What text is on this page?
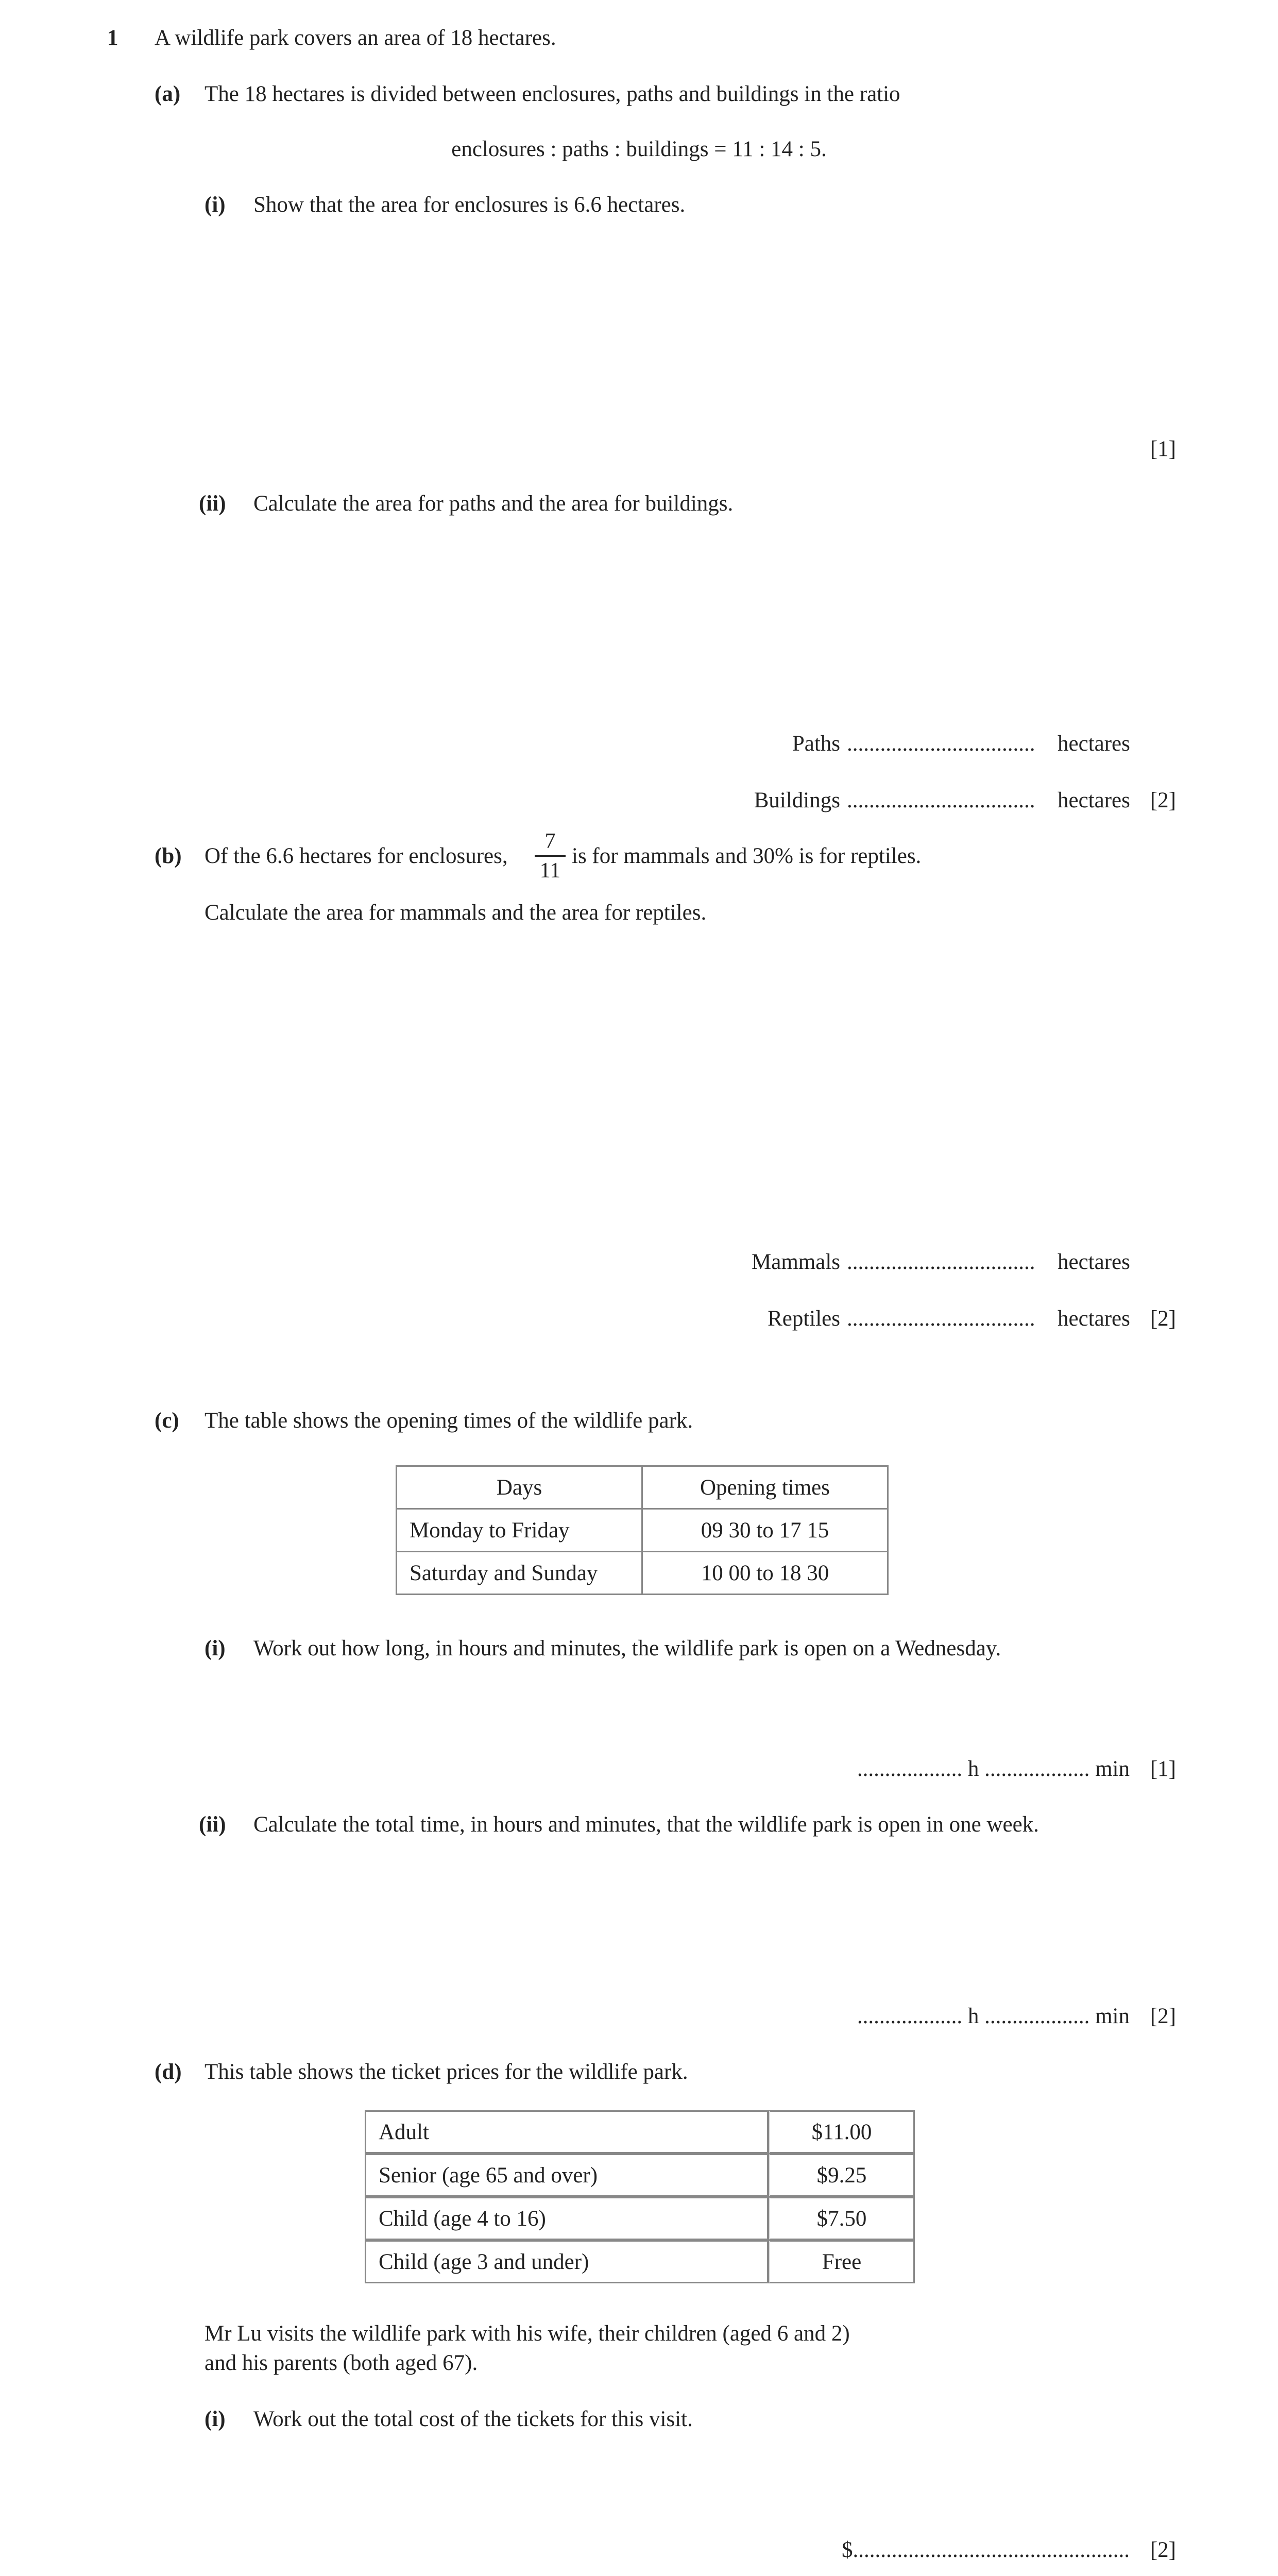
1 A wildlife park covers an area of 18 hectares.
(a) The 18 hectares is divided between enclosures, paths and buildings in the ratio
enclosures : paths : buildings = 11 : 14 : 5.
(i) Show that the area for enclosures is 6.6 hectares.
[1]
(ii) Calculate the area for paths and the area for buildings.
Paths .................................. hectares
Buildings .................................. hectares [2]
(b) Of the 6.6 hectares for enclosures,
7
11
is for mammals and 30% is for reptiles.
Calculate the area for mammals and the area for reptiles.
Mammals .................................. hectares
Reptiles .................................. hectares [2]
(c) The table shows the opening times of the wildlife park.
Days	Opening times
Monday to Friday	09 30 to 17 15
Saturday and Sunday	10 00 to 18 30
(i) Work out how long, in hours and minutes, the wildlife park is open on a Wednesday.
................... h ................... min [1]
(ii) Calculate the total time, in hours and minutes, that the wildlife park is open in one week.
................... h ................... min [2]
(d) This table shows the ticket prices for the wildlife park.
Adult	$11.00
Senior (age 65 and over)	$9.25
Child (age 4 to 16)	$7.50
Child (age 3 and under)	Free
Mr Lu visits the wildlife park with his wife, their children (aged 6 and 2)
and his parents (both aged 67).
(i) Work out the total cost of the tickets for this visit.
$.................................................. [2]
